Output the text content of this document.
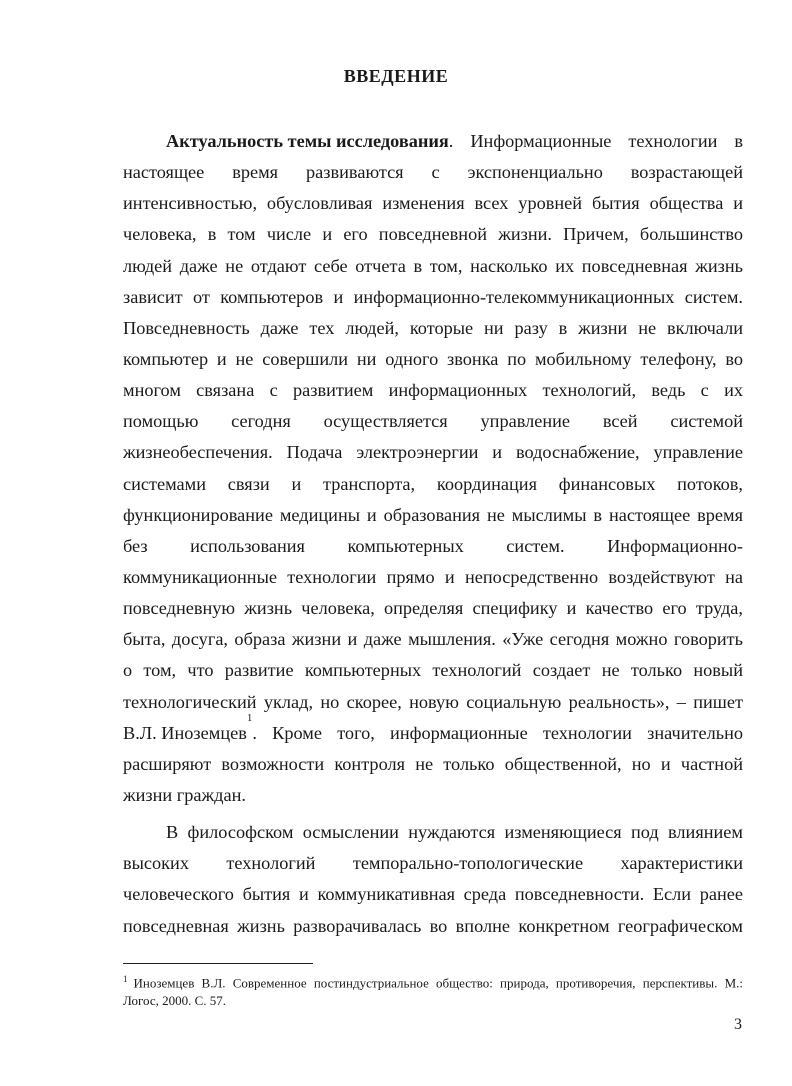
ВВЕДЕНИЕ
Актуальность темы исследования . Информационные технологии в
настоящее время развиваются с экспоненциально возрастающей
интенсивностью, обусловливая изменения всех уровней бытия общества и
человека, в том числе и его повседневной жизни. Причем, большинство
людей даже не отдают себе отчета в том, насколько их повседневная жизнь
зависит от компьютеров и информационно-телекоммуникационных систем.
Повседневность даже тех людей, которые ни разу в жизни не включали
компьютер и не совершили ни одного звонка по мобильному телефону, во
многом связана с развитием информационных технологий, ведь с их
помощью сегодня осуществляется управление всей системой
жизнеобеспечения. Подача электроэнергии и водоснабжение, управление
системами связи и транспорта, координация финансовых потоков,
функционирование медицины и образования не мыслимы в настоящее время
без использования компьютерных систем. Информационно-
коммуникационные технологии прямо и непосредственно воздействуют на
повседневную жизнь человека, определяя специфику и качество его труда,
быта, досуга, образа жизни и даже мышления. «Уже сегодня можно говорить
о том, что развитие компьютерных технологий создает не только новый
технологический уклад, но скорее, новую социальную реальность», – пишет
В.Л. Иноземцев
1
. Кроме того, информационные технологии значительно
расширяют возможности контроля не только общественной, но и частной
жизни граждан.
В философском осмыслении нуждаются изменяющиеся под влиянием
высоких технологий темпорально-топологические характеристики
человеческого бытия и коммуникативная среда повседневности. Если ранее
повседневная жизнь разворачивалась во вполне конкретном географическом
$^1$ Иноземцев В.Л. Современное постиндустриальное общество: природа, противоречия, перспективы. М.: Логос, 2000. С. 57.
3
